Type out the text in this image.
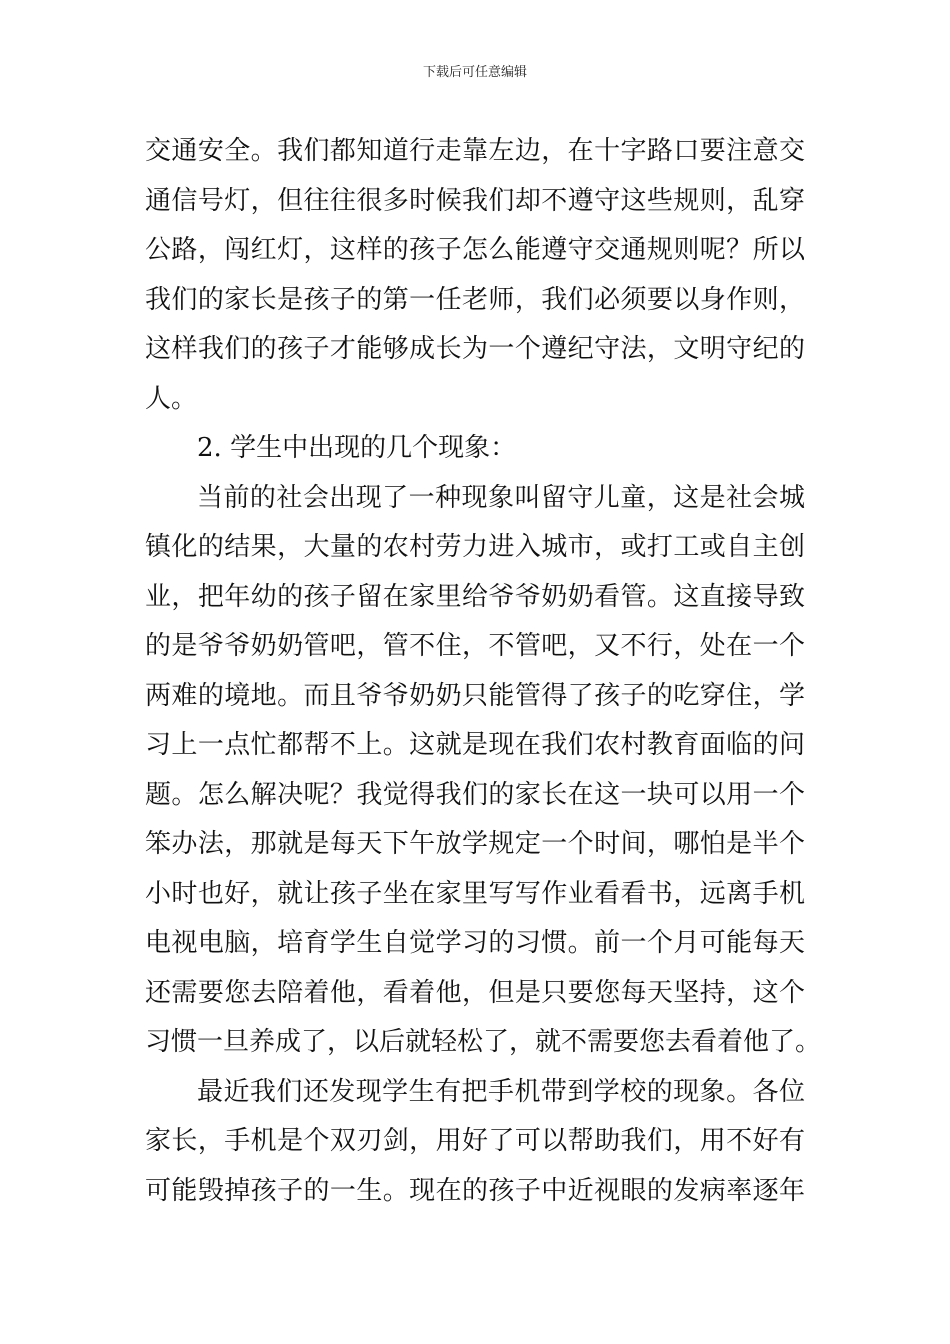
下载后可任意编辑
交通安全。我们都知道行走靠左边，在十字路口要注意交
通信号灯，但往往很多时候我们却不遵守这些规则，乱穿
公路，闯红灯，这样的孩子怎么能遵守交通规则呢？所以
我们的家长是孩子的第一任老师，我们必须要以身作则，
这样我们的孩子才能够成长为一个遵纪守法，文明守纪的
人。
2. 学生中出现的几个现象：
当前的社会出现了一种现象叫留守儿童，这是社会城
镇化的结果，大量的农村劳力进入城市，或打工或自主创
业，把年幼的孩子留在家里给爷爷奶奶看管。这直接导致
的是爷爷奶奶管吧，管不住，不管吧，又不行，处在一个
两难的境地。而且爷爷奶奶只能管得了孩子的吃穿住，学
习上一点忙都帮不上。这就是现在我们农村教育面临的问
题。怎么解决呢？我觉得我们的家长在这一块可以用一个
笨办法，那就是每天下午放学规定一个时间，哪怕是半个
小时也好，就让孩子坐在家里写写作业看看书，远离手机
电视电脑，培育学生自觉学习的习惯。前一个月可能每天
还需要您去陪着他，看着他，但是只要您每天坚持，这个
习惯一旦养成了，以后就轻松了，就不需要您去看着他了。
最近我们还发现学生有把手机带到学校的现象。各位
家长，手机是个双刃剑，用好了可以帮助我们，用不好有
可能毁掉孩子的一生。现在的孩子中近视眼的发病率逐年
